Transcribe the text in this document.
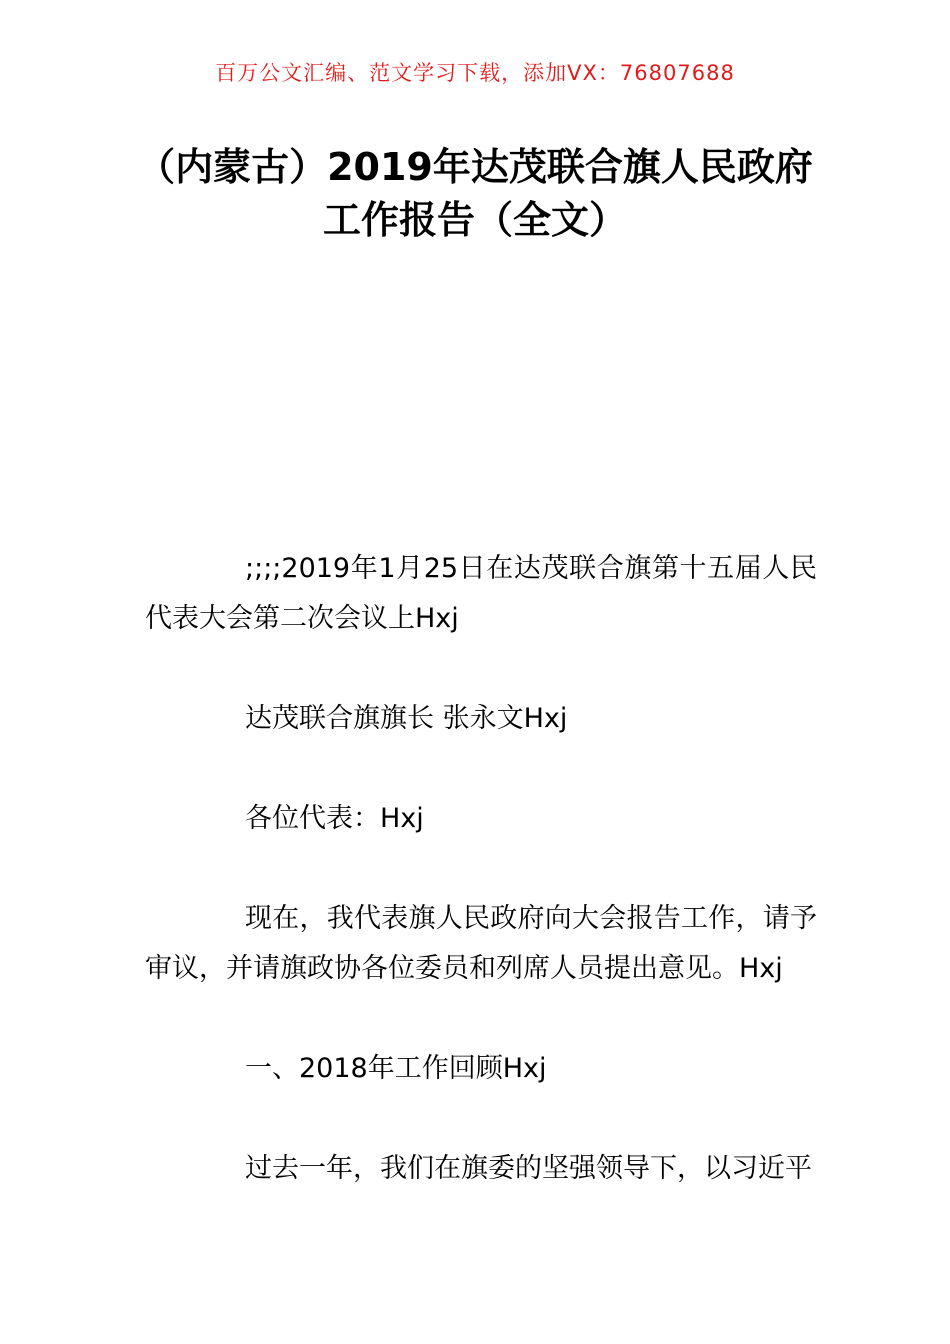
百万公文汇编、范文学习下载，添加VX：76807688
（内蒙古）2019年达茂联合旗人民政府工作报告（全文）

;;;;2019年1月25日在达茂联合旗第十五届人民代表大会第二次会议上Hxj

达茂联合旗旗长 张永文Hxj

各位代表：Hxj

现在，我代表旗人民政府向大会报告工作，请予审议，并请旗政协各位委员和列席人员提出意见。Hxj

一、2018年工作回顾Hxj

过去一年，我们在旗委的坚强领导下，以习近平
